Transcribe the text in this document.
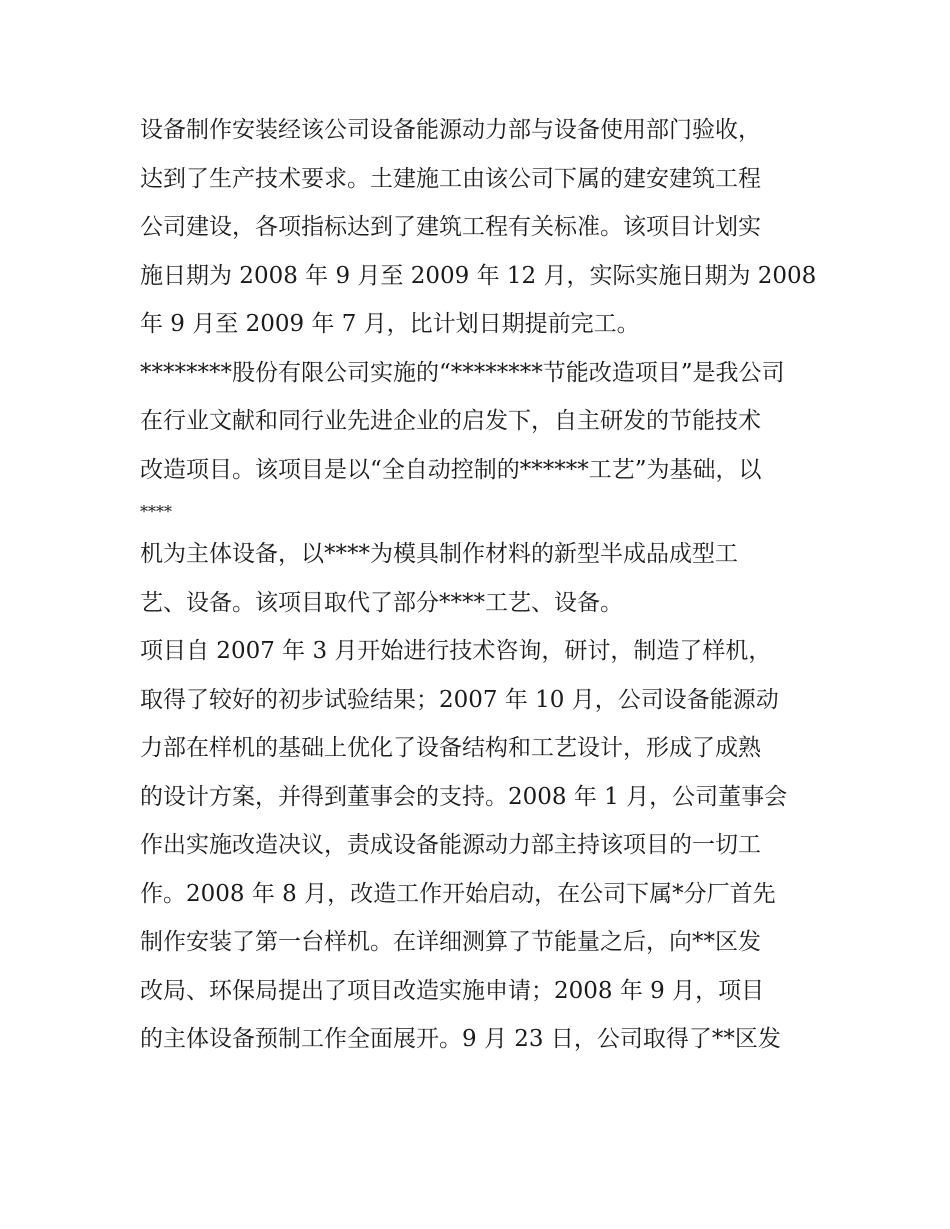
设备制作安装经该公司设备能源动力部与设备使用部门验收，
达到了生产技术要求。土建施工由该公司下属的建安建筑工程
公司建设，各项指标达到了建筑工程有关标准。该项目计划实
施日期为 2008 年 9 月至 2009 年 12 月，实际实施日期为 2008
年 9 月至 2009 年 7 月，比计划日期提前完工。
********股份有限公司实施的“********节能改造项目”是我公司
在行业文献和同行业先进企业的启发下，自主研发的节能技术
改造项目。该项目是以“全自动控制的******工艺”为基础，以
****
机为主体设备，以****为模具制作材料的新型半成品成型工
艺、设备。该项目取代了部分****工艺、设备。
项目自 2007 年 3 月开始进行技术咨询，研讨，制造了样机，
取得了较好的初步试验结果；2007 年 10 月，公司设备能源动
力部在样机的基础上优化了设备结构和工艺设计，形成了成熟
的设计方案，并得到董事会的支持。2008 年 1 月，公司董事会
作出实施改造决议，责成设备能源动力部主持该项目的一切工
作。2008 年 8 月，改造工作开始启动，在公司下属*分厂首先
制作安装了第一台样机。在详细测算了节能量之后，向**区发
改局、环保局提出了项目改造实施申请；2008 年 9 月，项目
的主体设备预制工作全面展开。9 月 23 日，公司取得了**区发
